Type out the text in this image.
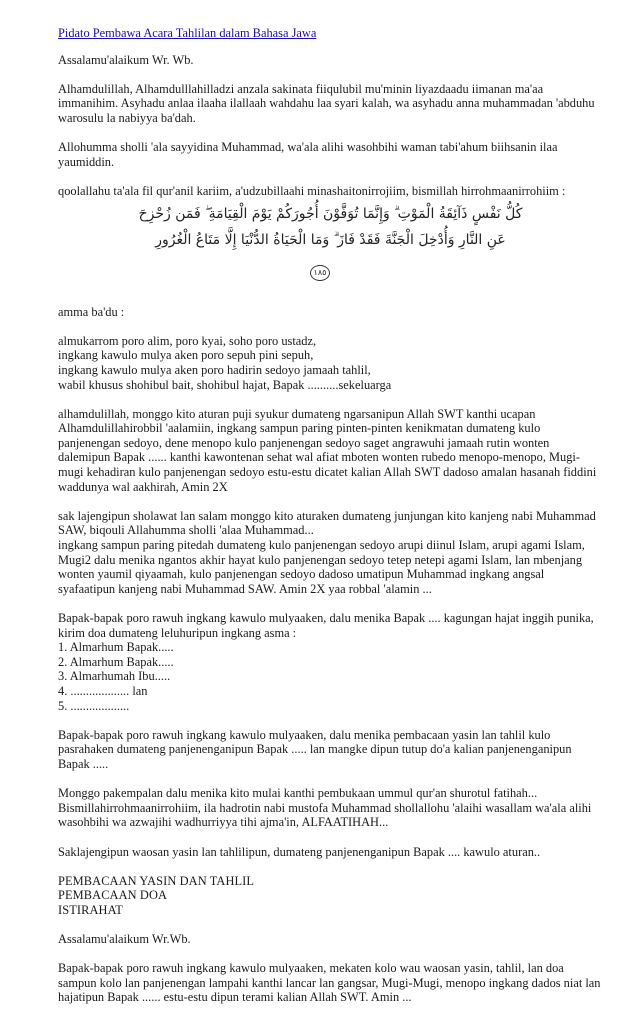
Pidato Pembawa Acara Tahlilan dalam Bahasa Jawa

Assalamu'alaikum Wr. Wb.

Alhamdulillah, Alhamdulllahilladzi anzala sakinata fiiqulubil mu'minin liyazdaadu iimanan ma'aa immanihim. Asyhadu anlaa ilaaha ilallaah wahdahu laa syari kalah, wa asyhadu anna muhammadan 'abduhu warosulu la nabiyya ba'dah.

Allohumma sholli 'ala sayyidina Muhammad, wa'ala alihi wasohbihi waman tabi'ahum biihsanin ilaa yaumiddin.

qoolallahu ta'ala fil qur'anil kariim, a'udzubillaahi minashaitonirrojiim, bismillah hirrohmaanirrohiim :

كُلُّ نَفْسٍ ذَآئِقَةُ الْمَوْتِ ۗ وَإِنَّمَا تُوَفَّوْنَ أُجُورَكُمْ يَوْمَ الْقِيَامَةِ ۖ فَمَن زُحْزِحَ
عَنِ النَّارِ وَأُدْخِلَ الْجَنَّةَ فَقَدْ فَازَ ۗ وَمَا الْحَيَاةُ الدُّنْيَا إِلَّا مَتَاعُ الْغُرُورِ
١٨٥

amma ba'du :

almukarrom poro alim, poro kyai, soho poro ustadz,
ingkang kawulo mulya aken poro sepuh pini sepuh,
ingkang kawulo mulya aken poro hadirin sedoyo jamaah tahlil,
wabil khusus shohibul bait, shohibul hajat, Bapak ..........sekeluarga

alhamdulillah, monggo kito aturan puji syukur dumateng ngarsanipun Allah SWT kanthi ucapan Alhamdulillahirobbil 'aalamiin, ingkang sampun paring pinten-pinten kenikmatan dumateng kulo panjenengan sedoyo, dene menopo kulo panjenengan sedoyo saget angrawuhi jamaah rutin wonten dalemipun Bapak ...... kanthi kawontenan sehat wal afiat mboten wonten rubedo menopo-menopo, Mugi-mugi kehadiran kulo panjenengan sedoyo estu-estu dicatet kalian Allah SWT dadoso amalan hasanah fiddini waddunya wal aakhirah, Amin 2X

sak lajengipun sholawat lan salam monggo kito aturaken dumateng junjungan kito kanjeng nabi Muhammad SAW, biqouli Allahumma sholli 'alaa Muhammad...

ingkang sampun paring pitedah dumateng kulo panjenengan sedoyo arupi diinul Islam, arupi agami Islam, Mugi2 dalu menika ngantos akhir hayat kulo panjenengan sedoyo tetep netepi agami Islam, lan mbenjang wonten yaumil qiyaamah, kulo panjenengan sedoyo dadoso umatipun Muhammad ingkang angsal syafaatipun kanjeng nabi Muhammad SAW. Amin 2X yaa robbal 'alamin ...

Bapak-bapak poro rawuh ingkang kawulo mulyaaken, dalu menika Bapak .... kagungan hajat inggih punika, kirim doa dumateng leluhuripun ingkang asma :

1. Almarhum Bapak.....
2. Almarhum Bapak.....
3. Almarhumah Ibu.....
4. ................... lan
5. ...................

Bapak-bapak poro rawuh ingkang kawulo mulyaaken, dalu menika pembacaan yasin lan tahlil kulo pasrahaken dumateng panjenenganipun Bapak ..... lan mangke dipun tutup do'a kalian panjenenganipun Bapak .....

Monggo pakempalan dalu menika kito mulai kanthi pembukaan ummul qur'an shurotul fatihah... Bismillahirrohmaanirrohiim, ila hadrotin nabi mustofa Muhammad shollallohu 'alaihi wasallam wa'ala alihi wasohbihi wa azwajihi wadhurriyya tihi ajma'in, ALFAATIHAH...

Saklajengipun waosan yasin lan tahlilipun, dumateng panjenenganipun Bapak .... kawulo aturan..

PEMBACAAN YASIN DAN TAHLIL
PEMBACAAN DOA
ISTIRAHAT

Assalamu'alaikum Wr.Wb.

Bapak-bapak poro rawuh ingkang kawulo mulyaaken, mekaten kolo wau waosan yasin, tahlil, lan doa sampun kolo lan panjenengan lampahi kanthi lancar lan gangsar, Mugi-Mugi, menopo ingkang dados niat lan hajatipun Bapak ...... estu-estu dipun terami kalian Allah SWT. Amin ...
